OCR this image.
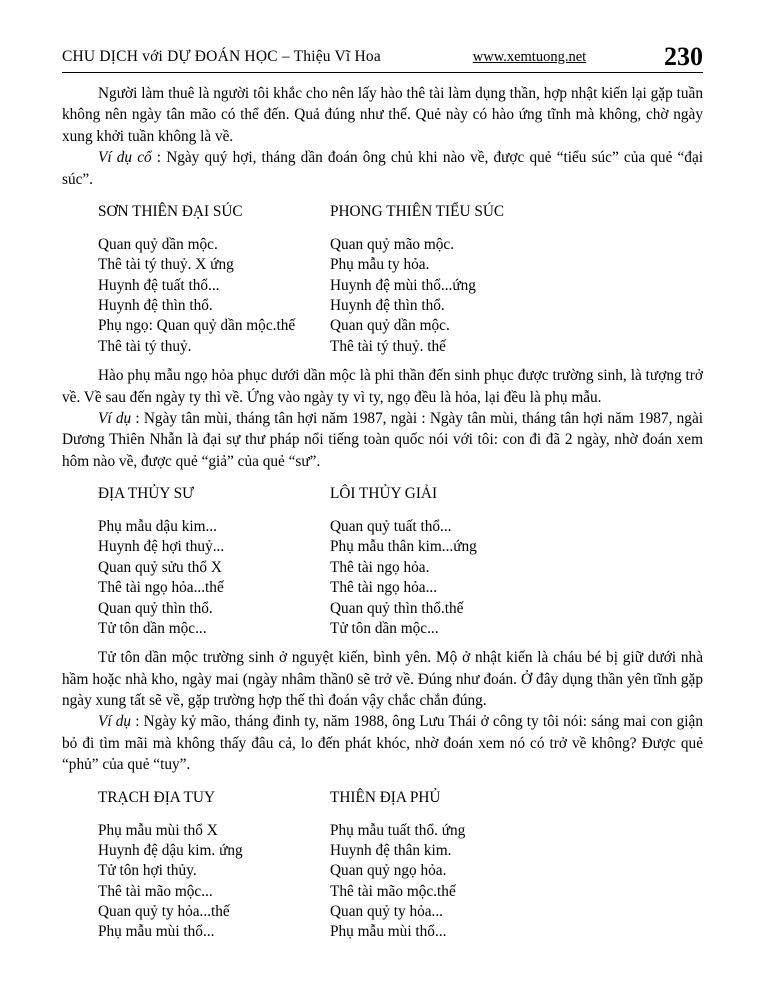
CHU DỊCH với DỰ ĐOÁN HỌC – Thiệu Vĩ Hoa	www.xemtuong.net	230

Người làm thuê là người tôi khắc cho nên lấy hào thê tài làm dụng thần, hợp nhật kiến lại gặp tuần không nên ngày tân mão có thể đến. Quả đúng như thế. Quẻ này có hào ứng tĩnh mà không, chờ ngày xung khởi tuần không là về.

Ví dụ cổ : Ngày quý hợi, tháng dần đoán ông chủ khi nào về, được quẻ “tiểu súc” của quẻ “đại súc”.

SƠN THIÊN ĐẠI SÚC
Quan quỷ dần mộc.
Thê tài tý thuỷ. X ứng
Huynh đệ tuất thổ...
Huynh đệ thìn thổ.
Phụ ngọ: Quan quỷ dần mộc.thế
Thê tài tý thuỷ.
PHONG THIÊN TIỂU SÚC
Quan quỷ mão mộc.
Phụ mẫu ty hỏa.
Huynh đệ mùi thổ...ứng
Huynh đệ thìn thổ.
Quan quỷ dần mộc.
Thê tài tý thuỷ. thế

Hào phụ mẫu ngọ hỏa phục dưới dần mộc là phi thần đến sinh phục được trường sinh, là tượng trở về. Về sau đến ngày ty thì về. Ứng vào ngày ty vì ty, ngọ đều là hỏa, lại đều là phụ mẫu.

Ví dụ : Ngày tân mùi, tháng tân hợi năm 1987, ngài : Ngày tân mùi, tháng tân hợi năm 1987, ngài Dương Thiên Nhẫn là đại sự thư pháp nổi tiếng toàn quốc nói với tôi: con đi đã 2 ngày, nhờ đoán xem hôm nào về, được quẻ “giả” của quẻ “sư”.

ĐỊA THỦY SƯ
Phụ mẫu dậu kim...
Huynh đệ hợi thuỷ...
Quan quỷ sửu thổ X
Thê tài ngọ hỏa...thế
Quan quỷ thìn thổ.
Tử tôn dần mộc...
LÔI THỦY GIẢI
Quan quỷ tuất thổ...
Phụ mẫu thân kim...ứng
Thê tài ngọ hỏa.
Thê tài ngọ hỏa...
Quan quỷ thìn thổ.thế
Tử tôn dần mộc...

Tử tôn dần mộc trường sinh ở nguyệt kiến, bình yên. Mộ ở nhật kiến là cháu bé bị giữ dưới nhà hầm hoặc nhà kho, ngày mai (ngày nhâm thần0 sẽ trở về. Đúng như đoán. Ở đây dụng thần yên tĩnh gặp ngày xung tất sẽ về, gặp trường hợp thế thì đoán vậy chắc chắn đúng.

Ví dụ : Ngày kỷ mão, tháng đinh ty, năm 1988, ông Lưu Thái ở công ty tôi nói: sáng mai con giận bỏ đi tìm mãi mà không thấy đâu cả, lo đến phát khóc, nhờ đoán xem nó có trở về không? Được quẻ “phủ” của quẻ “tuy”.

TRẠCH ĐỊA TUY
Phụ mẫu mùi thổ X
Huynh đệ dậu kim. ứng
Tử tôn hợi thủy.
Thê tài mão mộc...
Quan quỷ ty hỏa...thế
Phụ mẫu mùi thổ...
THIÊN ĐỊA PHỦ
Phụ mẫu tuất thổ. ứng
Huynh đệ thân kim.
Quan quỷ ngọ hỏa.
Thê tài mão mộc.thế
Quan quỷ ty hỏa...
Phụ mẫu mùi thổ...
